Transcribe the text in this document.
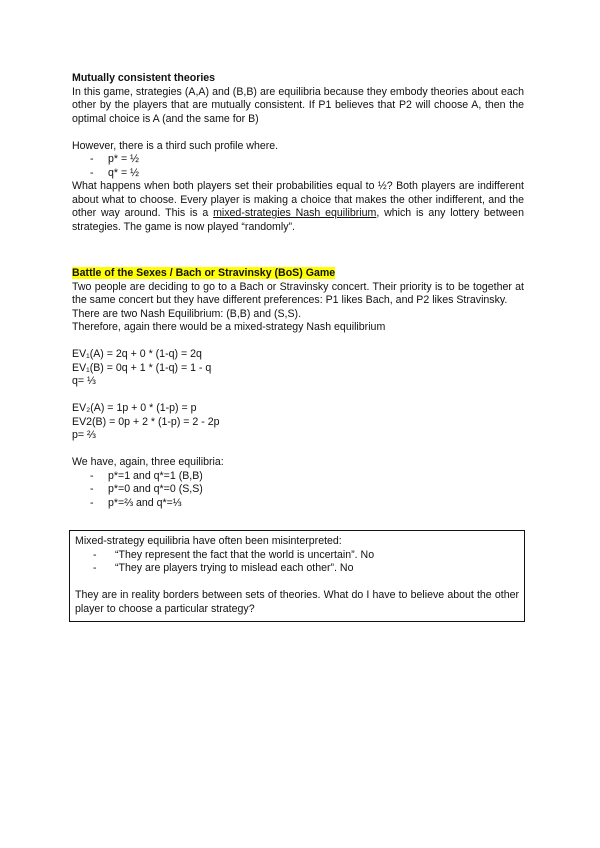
Mutually consistent theories

In this game, strategies (A,A) and (B,B) are equilibria because they embody theories about each other by the players that are mutually consistent. If P1 believes that P2 will choose A, then the optimal choice is A (and the same for B)

However, there is a third such profile where.

- p* = ½
- q* = ½

What happens when both players set their probabilities equal to ½? Both players are indifferent about what to choose. Every player is making a choice that makes the other indifferent, and the other way around. This is a mixed-strategies Nash equilibrium, which is any lottery between strategies. The game is now played “randomly”.

Battle of the Sexes / Bach or Stravinsky (BoS) Game

Two people are deciding to go to a Bach or Stravinsky concert. Their priority is to be together at the same concert but they have different preferences: P1 likes Bach, and P2 likes Stravinsky.

There are two Nash Equilibrium: (B,B) and (S,S).

Therefore, again there would be a mixed-strategy Nash equilibrium

EV₁(A) = 2q + 0 * (1-q) = 2q

EV₁(B) = 0q + 1 * (1-q) = 1 - q

q= ⅓

EV₂(A) = 1p + 0 * (1-p) = p

EV2(B) = 0p + 2 * (1-p) = 2 - 2p

p= ⅔

We have, again, three equilibria:

- p*=1 and q*=1 (B,B)
- p*=0 and q*=0 (S,S)
- p*=⅔ and q*=⅓

Mixed-strategy equilibria have often been misinterpreted:

- “They represent the fact that the world is uncertain”. No
- “They are players trying to mislead each other”. No

They are in reality borders between sets of theories. What do I have to believe about the other player to choose a particular strategy?
